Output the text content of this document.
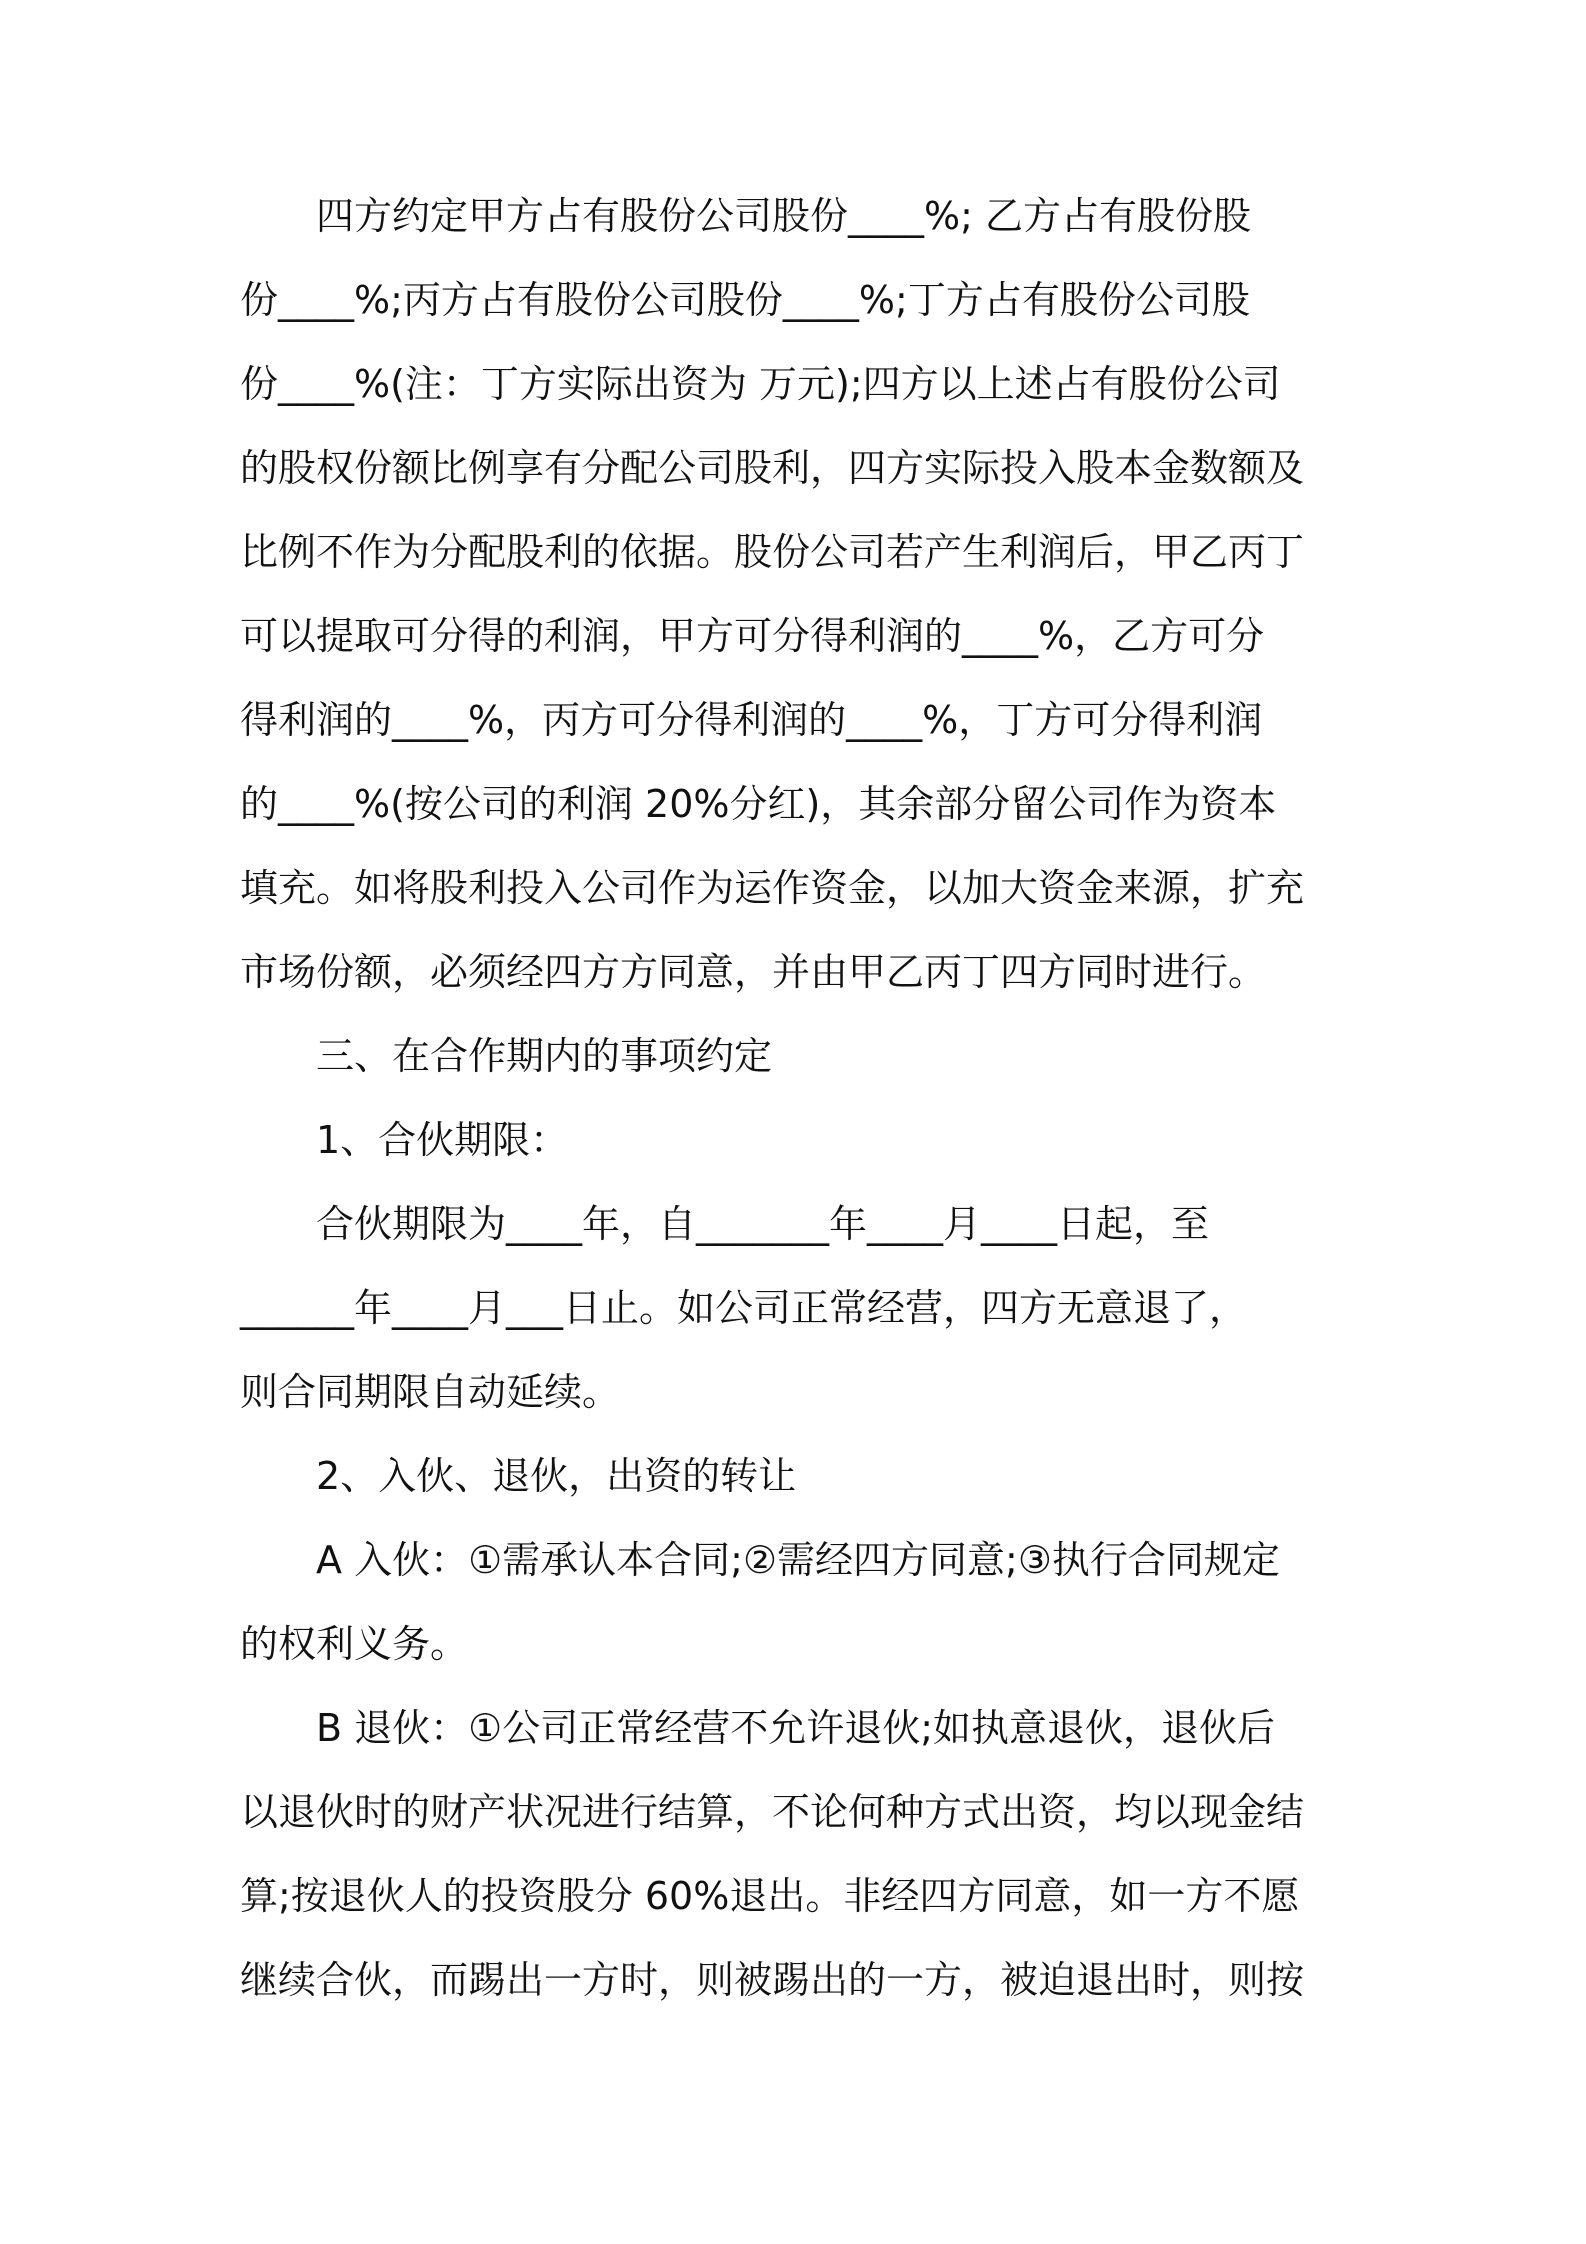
　　四方约定甲方占有股份公司股份____%; 乙方占有股份股
份____%;丙方占有股份公司股份____%;丁方占有股份公司股
份____%(注：丁方实际出资为 万元);四方以上述占有股份公司
的股权份额比例享有分配公司股利，四方实际投入股本金数额及
比例不作为分配股利的依据。股份公司若产生利润后，甲乙丙丁
可以提取可分得的利润，甲方可分得利润的____%，乙方可分
得利润的____%，丙方可分得利润的____%，丁方可分得利润
的____%(按公司的利润 20%分红)，其余部分留公司作为资本
填充。如将股利投入公司作为运作资金，以加大资金来源，扩充
市场份额，必须经四方方同意，并由甲乙丙丁四方同时进行。
　　三、在合作期内的事项约定
　　1、合伙期限：
　　合伙期限为____年，自_______年____月____日起，至
______年____月___日止。如公司正常经营，四方无意退了，
则合同期限自动延续。
　　2、入伙、退伙，出资的转让
　　A 入伙：①需承认本合同;②需经四方同意;③执行合同规定
的权利义务。
　　B 退伙：①公司正常经营不允许退伙;如执意退伙，退伙后
以退伙时的财产状况进行结算，不论何种方式出资，均以现金结
算;按退伙人的投资股分 60%退出。非经四方同意，如一方不愿
继续合伙，而踢出一方时，则被踢出的一方，被迫退出时，则按
